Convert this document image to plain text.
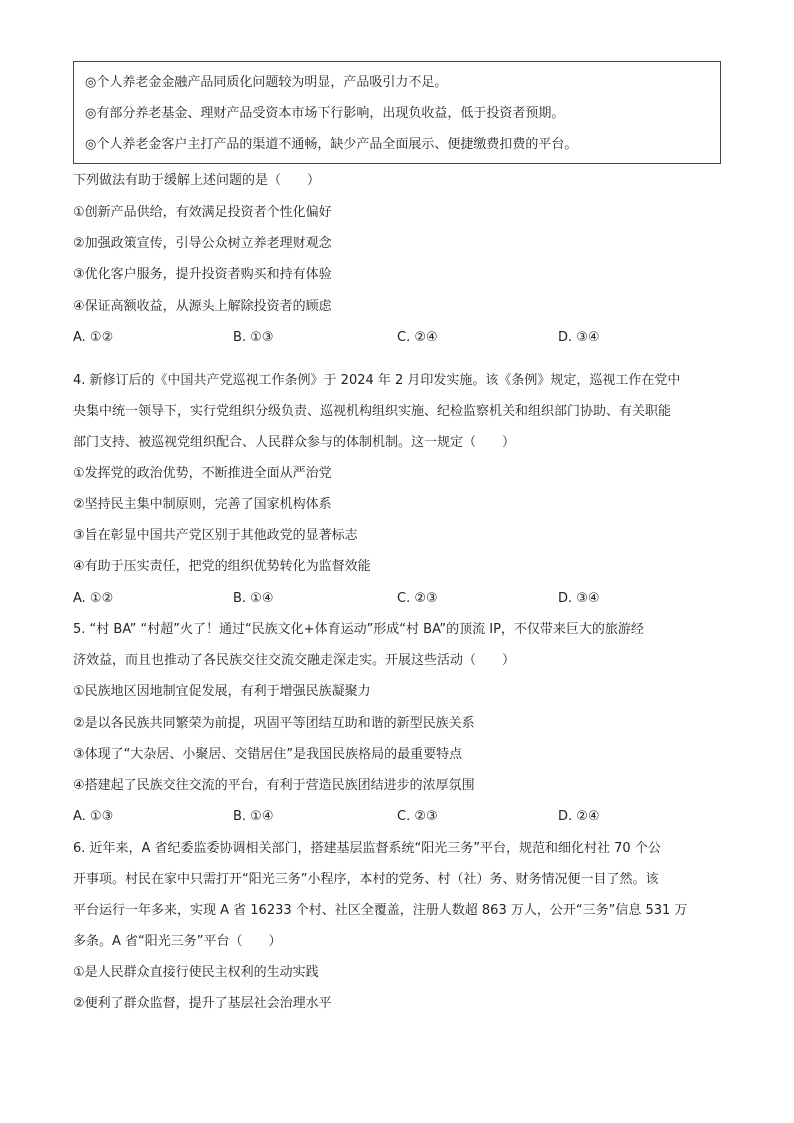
◎个人养老金金融产品同质化问题较为明显，产品吸引力不足。
◎有部分养老基金、理财产品受资本市场下行影响，出现负收益，低于投资者预期。
◎个人养老金客户主打产品的渠道不通畅，缺少产品全面展示、便捷缴费扣费的平台。
下列做法有助于缓解上述问题的是（　　）
①创新产品供给，有效满足投资者个性化偏好
②加强政策宣传，引导公众树立养老理财观念
③优化客户服务，提升投资者购买和持有体验
④保证高额收益，从源头上解除投资者的顾虑
A. ①②	B. ①③	C. ②④	D. ③④
4. 新修订后的《中国共产党巡视工作条例》于 2024 年 2 月印发实施。该《条例》规定，巡视工作在党中
央集中统一领导下，实行党组织分级负责、巡视机构组织实施、纪检监察机关和组织部门协助、有关职能
部门支持、被巡视党组织配合、人民群众参与的体制机制。这一规定（　　）
①发挥党的政治优势，不断推进全面从严治党
②坚持民主集中制原则，完善了国家机构体系
③旨在彰显中国共产党区别于其他政党的显著标志
④有助于压实责任，把党的组织优势转化为监督效能
A. ①②	B. ①④	C. ②③	D. ③④
5. “村 BA” “村超”火了！通过“民族文化+体育运动”形成“村 BA”的顶流 IP，不仅带来巨大的旅游经
济效益，而且也推动了各民族交往交流交融走深走实。开展这些活动（　　）
①民族地区因地制宜促发展，有利于增强民族凝聚力
②是以各民族共同繁荣为前提，巩固平等团结互助和谐的新型民族关系
③体现了“大杂居、小聚居、交错居住”是我国民族格局的最重要特点
④搭建起了民族交往交流的平台，有利于营造民族团结进步的浓厚氛围
A. ①③	B. ①④	C. ②③	D. ②④
6. 近年来，A 省纪委监委协调相关部门，搭建基层监督系统“阳光三务”平台，规范和细化村社 70 个公
开事项。村民在家中只需打开“阳光三务”小程序，本村的党务、村（社）务、财务情况便一目了然。该
平台运行一年多来，实现 A 省 16233 个村、社区全覆盖，注册人数超 863 万人，公开“三务”信息 531 万
多条。A 省“阳光三务”平台（　　）
①是人民群众直接行使民主权利的生动实践
②便利了群众监督，提升了基层社会治理水平
